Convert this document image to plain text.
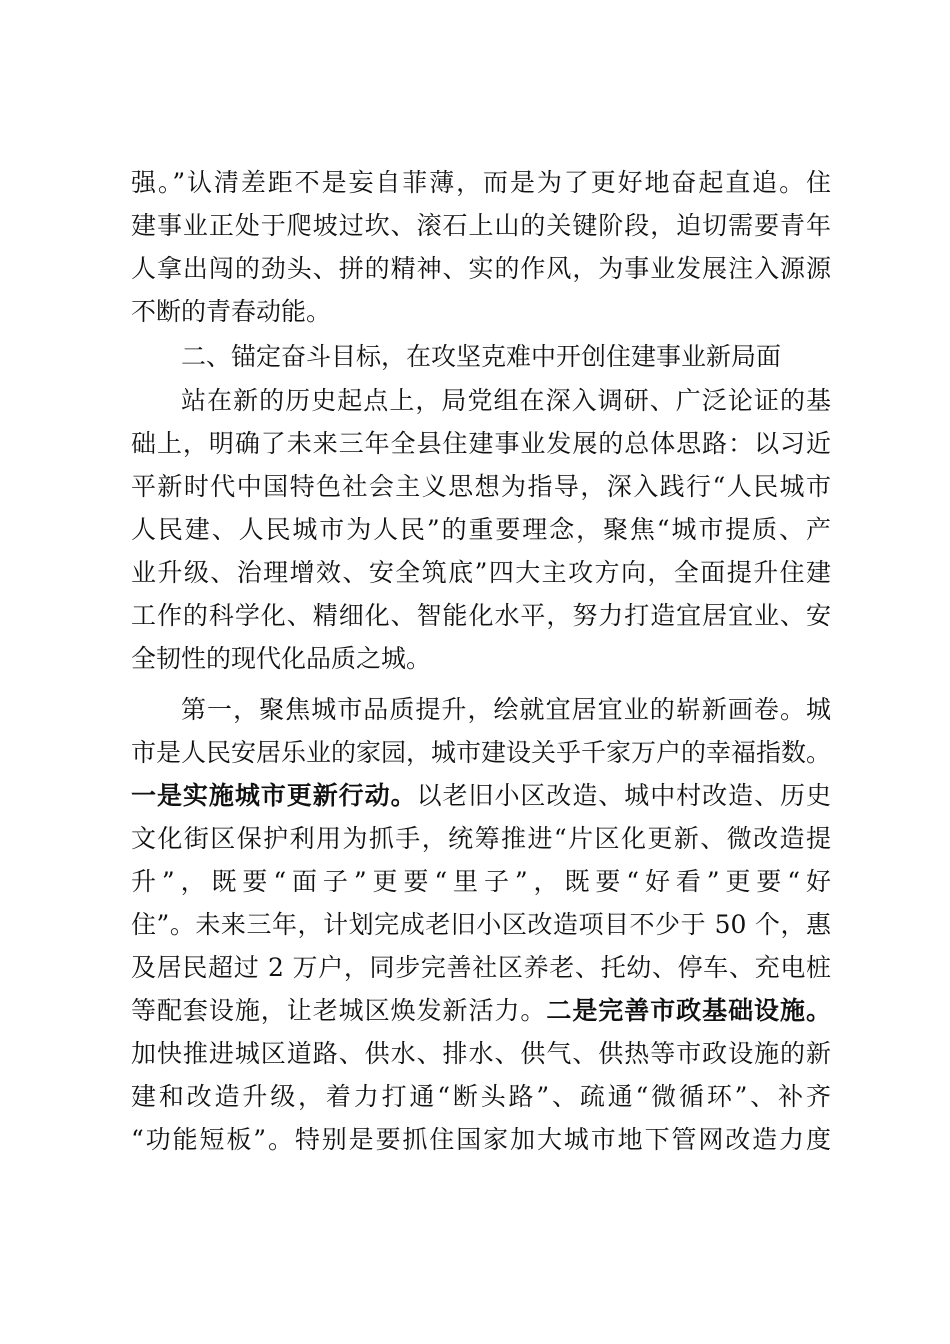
强。”认清差距不是妄自菲薄，而是为了更好地奋起直追。住
建事业正处于爬坡过坎、滚石上山的关键阶段，迫切需要青年
人拿出闯的劲头、拼的精神、实的作风，为事业发展注入源源
不断的青春动能。
二、锚定奋斗目标，在攻坚克难中开创住建事业新局面
站在新的历史起点上，局党组在深入调研、广泛论证的基
础上，明确了未来三年全县住建事业发展的总体思路：以习近
平新时代中国特色社会主义思想为指导，深入践行“人民城市
人民建、人民城市为人民”的重要理念，聚焦“城市提质、产
业升级、治理增效、安全筑底”四大主攻方向，全面提升住建
工作的科学化、精细化、智能化水平，努力打造宜居宜业、安
全韧性的现代化品质之城。
第一，聚焦城市品质提升，绘就宜居宜业的崭新画卷。城
市是人民安居乐业的家园，城市建设关乎千家万户的幸福指数。
一是实施城市更新行动。以老旧小区改造、城中村改造、历史
文化街区保护利用为抓手，统筹推进“片区化更新、微改造提
升”，既要“面子”更要“里子”，既要“好看”更要“好
住”。未来三年，计划完成老旧小区改造项目不少于 50 个，惠
及居民超过 2 万户，同步完善社区养老、托幼、停车、充电桩
等配套设施，让老城区焕发新活力。二是完善市政基础设施。
加快推进城区道路、供水、排水、供气、供热等市政设施的新
建和改造升级，着力打通“断头路”、疏通“微循环”、补齐
“功能短板”。特别是要抓住国家加大城市地下管网改造力度
